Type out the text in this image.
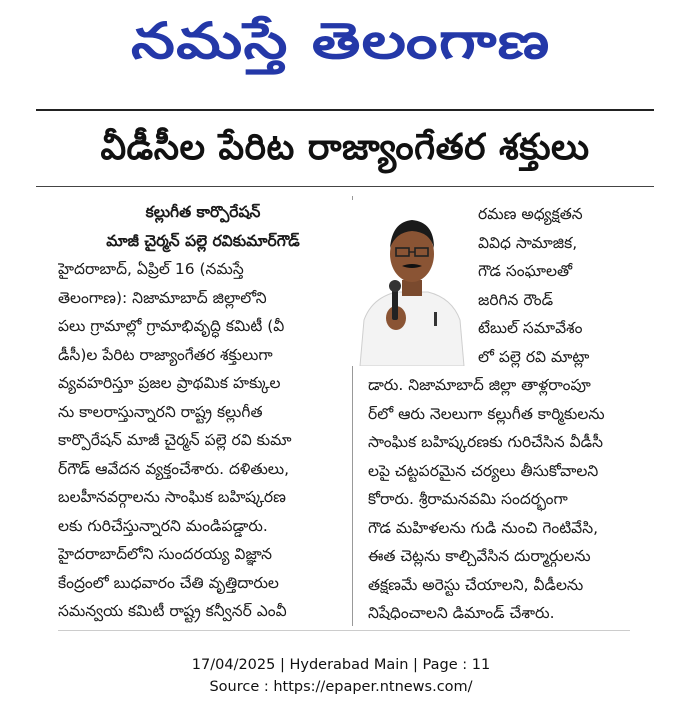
నమస్తే తెలంగాణ
వీడీసీల పేరిట రాజ్యాంగేతర శక్తులు
కల్లుగీత కార్పొరేషన్
మాజీ చైర్మన్ పల్లె రవికుమార్‌గౌడ్
హైదరాబాద్, ఏప్రిల్ 16 (నమస్తే
తెలంగాణ): నిజామాబాద్ జిల్లాలోని
పలు గ్రామాల్లో గ్రామాభివృద్ధి కమిటీ (వీ
డీసీ)ల పేరిట రాజ్యాంగేతర శక్తులుగా
వ్యవహరిస్తూ ప్రజల ప్రాథమిక హక్కుల
ను కాలరాస్తున్నారని రాష్ట్ర కల్లుగీత
కార్పొరేషన్ మాజీ చైర్మన్ పల్లె రవి కుమా
ర్‌గౌడ్ ఆవేదన వ్యక్తంచేశారు. దళితులు,
బలహీనవర్గాలను సాంఘిక బహిష్కరణ
లకు గురిచేస్తున్నారని మండిపడ్డారు.
హైదరాబాద్‌లోని సుందరయ్య విజ్ఞాన
కేంద్రంలో బుధవారం చేతి వృత్తిదారుల
సమన్వయ కమిటీ రాష్ట్ర కన్వీనర్ ఎంవీ
రమణ అధ్యక్షతన
వివిధ సామాజిక,
గౌడ సంఘాలతో
జరిగిన రౌండ్
టేబుల్ సమావేశం
లో పల్లె రవి మాట్లా
డారు. నిజామాబాద్ జిల్లా తాళ్లరాంపూ
ర్‌లో ఆరు నెలలుగా కల్లుగీత కార్మికులను
సాంఘిక బహిష్కరణకు గురిచేసిన వీడీసీ
లపై చట్టపరమైన చర్యలు తీసుకోవాలని
కోరారు. శ్రీరామనవమి సందర్భంగా
గౌడ మహిళలను గుడి నుంచి గెంటివేసి,
ఈత చెట్లను కాల్చివేసిన దుర్మార్గులను
తక్షణమే అరెస్టు చేయాలని, వీడీలను
నిషేధించాలని డిమాండ్ చేశారు.
17/04/2025 | Hyderabad Main | Page : 11
Source : https://epaper.ntnews.com/
